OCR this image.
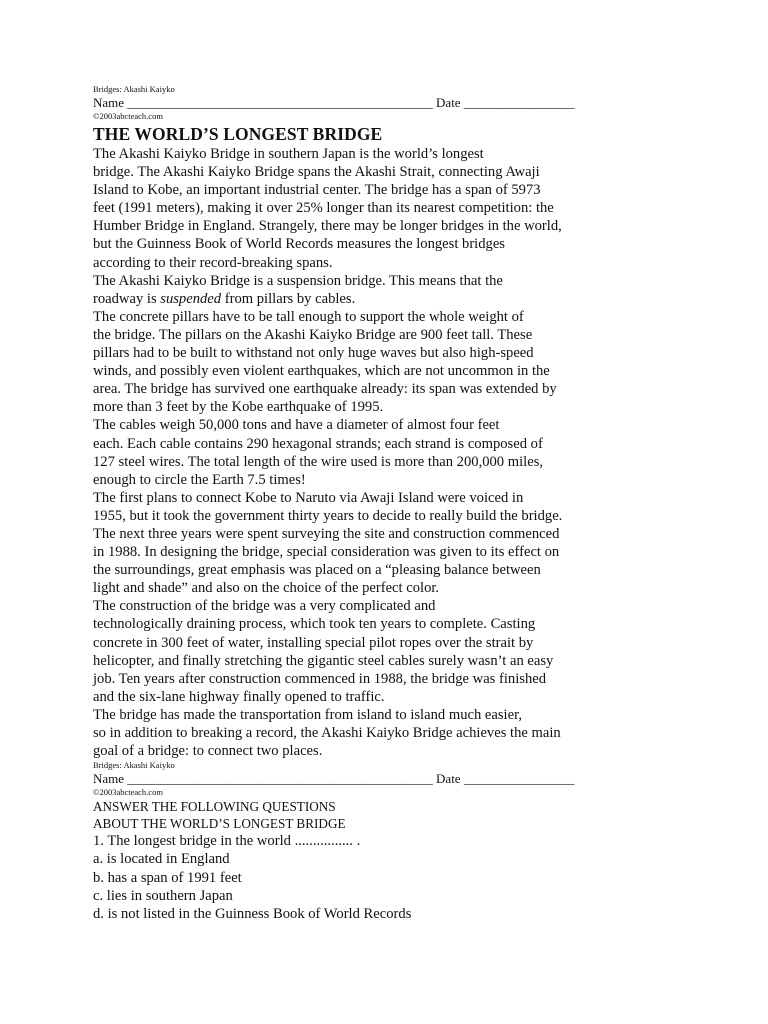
Bridges: Akashi Kaiyko
Name _______________________________________________ Date _________________
©2003abcteach.com
THE WORLD’S LONGEST BRIDGE
The Akashi Kaiyko Bridge in southern Japan is the world’s longest
bridge. The Akashi Kaiyko Bridge spans the Akashi Strait, connecting Awaji
Island to Kobe, an important industrial center. The bridge has a span of 5973
feet (1991 meters), making it over 25% longer than its nearest competition: the
Humber Bridge in England. Strangely, there may be longer bridges in the world,
but the Guinness Book of World Records measures the longest bridges
according to their record-breaking spans.
The Akashi Kaiyko Bridge is a suspension bridge. This means that the
roadway is suspended from pillars by cables.
The concrete pillars have to be tall enough to support the whole weight of
the bridge. The pillars on the Akashi Kaiyko Bridge are 900 feet tall. These
pillars had to be built to withstand not only huge waves but also high-speed
winds, and possibly even violent earthquakes, which are not uncommon in the
area. The bridge has survived one earthquake already: its span was extended by
more than 3 feet by the Kobe earthquake of 1995.
The cables weigh 50,000 tons and have a diameter of almost four feet
each. Each cable contains 290 hexagonal strands; each strand is composed of
127 steel wires. The total length of the wire used is more than 200,000 miles,
enough to circle the Earth 7.5 times!
The first plans to connect Kobe to Naruto via Awaji Island were voiced in
1955, but it took the government thirty years to decide to really build the bridge.
The next three years were spent surveying the site and construction commenced
in 1988. In designing the bridge, special consideration was given to its effect on
the surroundings, great emphasis was placed on a “pleasing balance between
light and shade” and also on the choice of the perfect color.
The construction of the bridge was a very complicated and
technologically draining process, which took ten years to complete. Casting
concrete in 300 feet of water, installing special pilot ropes over the strait by
helicopter, and finally stretching the gigantic steel cables surely wasn’t an easy
job. Ten years after construction commenced in 1988, the bridge was finished
and the six-lane highway finally opened to traffic.
The bridge has made the transportation from island to island much easier,
so in addition to breaking a record, the Akashi Kaiyko Bridge achieves the main
goal of a bridge: to connect two places.
Bridges: Akashi Kaiyko
Name _______________________________________________ Date _________________
©2003abcteach.com
ANSWER THE FOLLOWING QUESTIONS
ABOUT THE WORLD’S LONGEST BRIDGE
1. The longest bridge in the world ................ .
a. is located in England
b. has a span of 1991 feet
c. lies in southern Japan
d. is not listed in the Guinness Book of World Records
